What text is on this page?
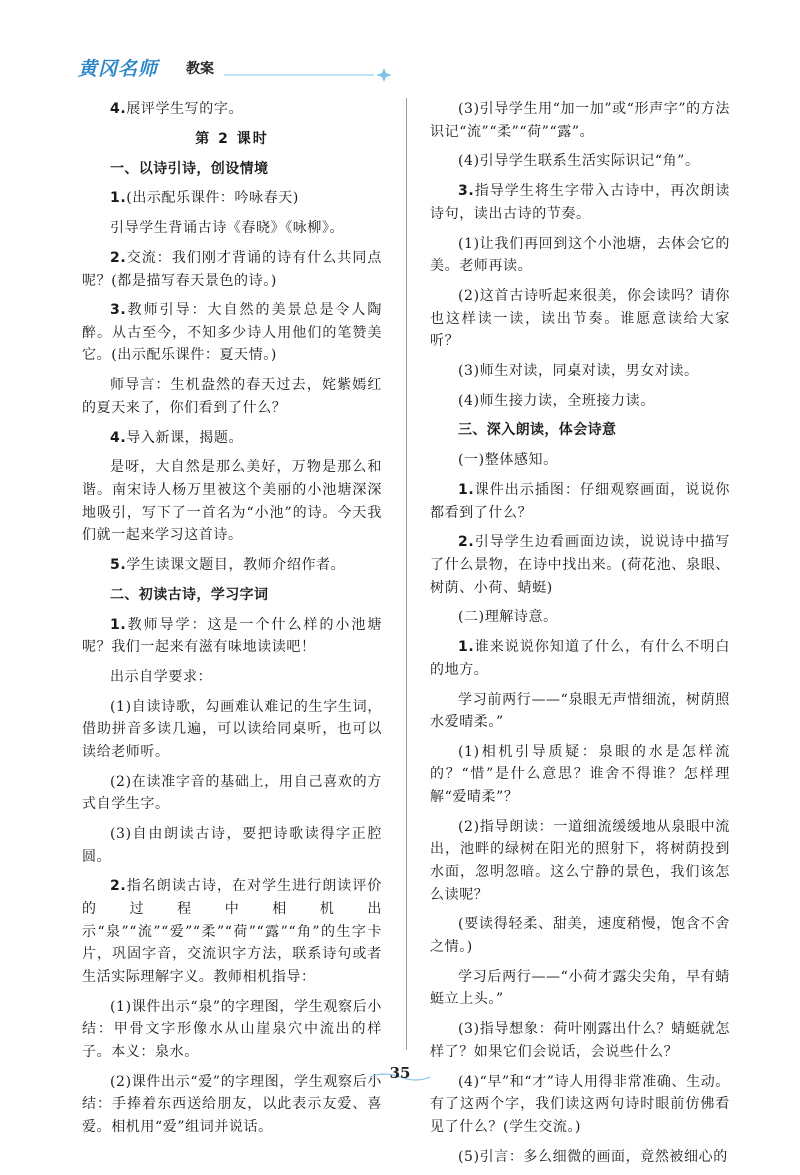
黄冈名师 教案
4.展评学生写的字。
第 2 课时
一、以诗引诗，创设情境
1.(出示配乐课件：吟咏春天)
引导学生背诵古诗《春晓》《咏柳》。
2.交流：我们刚才背诵的诗有什么共同点呢？(都是描写春天景色的诗。)
3.教师引导：大自然的美景总是令人陶醉。从古至今，不知多少诗人用他们的笔赞美它。(出示配乐课件：夏天情。)
师导言：生机盎然的春天过去，姹紫嫣红的夏天来了，你们看到了什么？
4.导入新课，揭题。
是呀，大自然是那么美好，万物是那么和谐。南宋诗人杨万里被这个美丽的小池塘深深地吸引，写下了一首名为“小池”的诗。今天我们就一起来学习这首诗。
5.学生读课文题目，教师介绍作者。
二、初读古诗，学习字词
1.教师导学：这是一个什么样的小池塘呢？我们一起来有滋有味地读读吧！
出示自学要求：
(1)自读诗歌，勾画难认难记的生字生词，借助拼音多读几遍，可以读给同桌听，也可以读给老师听。
(2)在读准字音的基础上，用自己喜欢的方式自学生字。
(3)自由朗读古诗，要把诗歌读得字正腔圆。
2.指名朗读古诗，在对学生进行朗读评价的过程中相机出示“泉”“流”“爱”“柔”“荷”“露”“角”的生字卡片，巩固字音，交流识字方法，联系诗句或者生活实际理解字义。教师相机指导：
(1)课件出示“泉”的字理图，学生观察后小结：甲骨文字形像水从山崖泉穴中流出的样子。本义：泉水。
(2)课件出示“爱”的字理图，学生观察后小结：手捧着东西送给朋友，以此表示友爱、喜爱。相机用“爱”组词并说话。
(3)引导学生用“加一加”或“形声字”的方法识记“流”“柔”“荷”“露”。
(4)引导学生联系生活实际识记“角”。
3.指导学生将生字带入古诗中，再次朗读诗句，读出古诗的节奏。
(1)让我们再回到这个小池塘，去体会它的美。老师再读。
(2)这首古诗听起来很美，你会读吗？请你也这样读一读，读出节奏。谁愿意读给大家听？
(3)师生对读，同桌对读，男女对读。
(4)师生接力读，全班接力读。
三、深入朗读，体会诗意
(一)整体感知。
1.课件出示插图：仔细观察画面，说说你都看到了什么？
2.引导学生边看画面边读，说说诗中描写了什么景物，在诗中找出来。(荷花池、泉眼、树荫、小荷、蜻蜓)
(二)理解诗意。
1.谁来说说你知道了什么，有什么不明白的地方。
学习前两行——“泉眼无声惜细流，树荫照水爱晴柔。”
(1)相机引导质疑：泉眼的水是怎样流的？“惜”是什么意思？谁舍不得谁？怎样理解“爱晴柔”？
(2)指导朗读：一道细流缓缓地从泉眼中流出，池畔的绿树在阳光的照射下，将树荫投到水面，忽明忽暗。这么宁静的景色，我们该怎么读呢？
(要读得轻柔、甜美，速度稍慢，饱含不舍之情。)
学习后两行——“小荷才露尖尖角，早有蜻蜓立上头。”
(3)指导想象：荷叶刚露出什么？蜻蜓就怎样了？如果它们会说话，会说些什么？
(4)“早”和“才”诗人用得非常准确、生动。有了这两个字，我们读这两句诗时眼前仿佛看见了什么？(学生交流。)
(5)引言：多么细微的画面，竟然被细心的
35
